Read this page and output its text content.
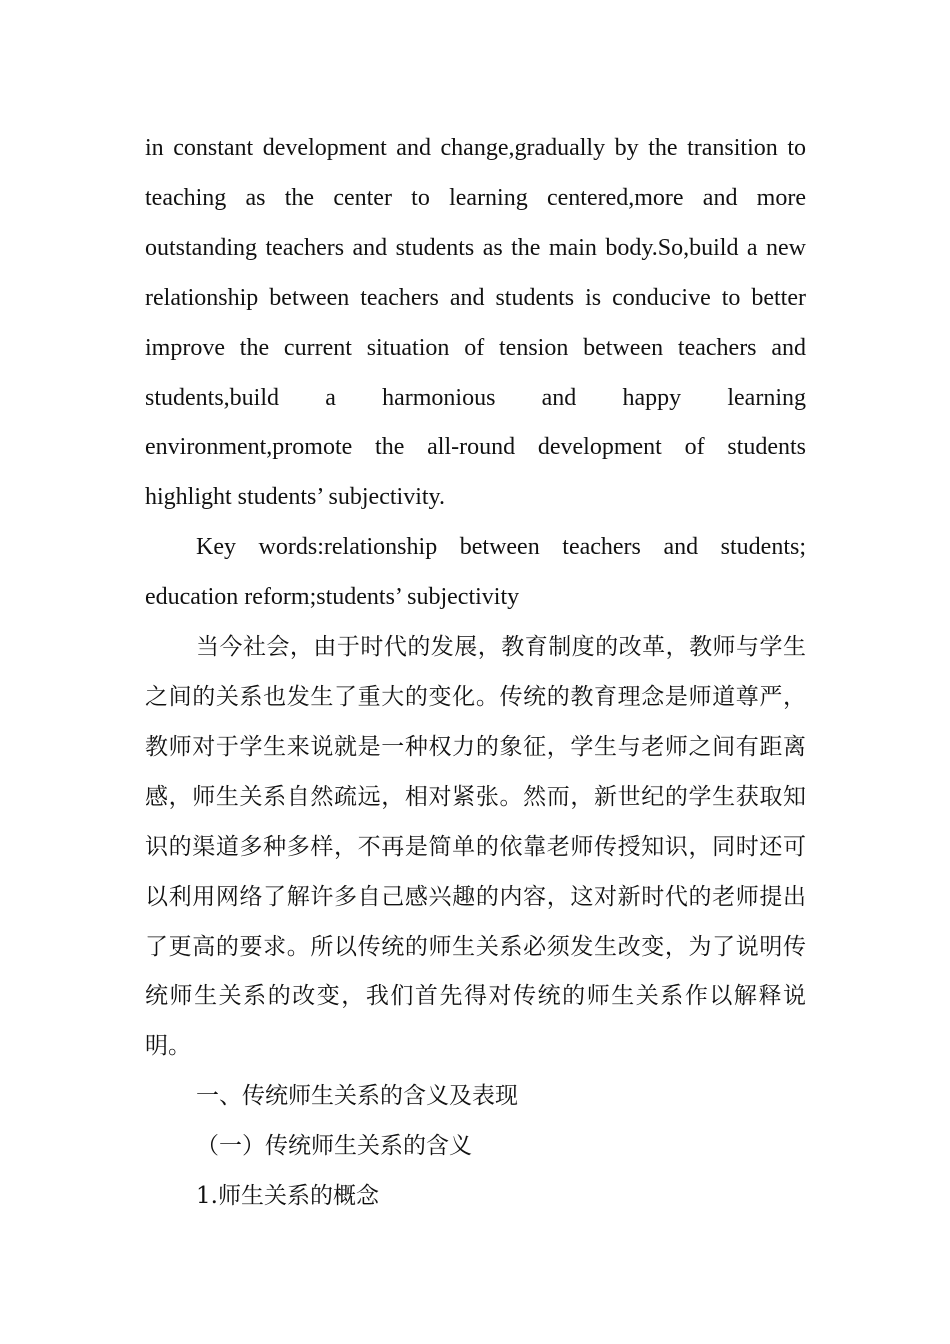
in constant development and change,gradually by the transition to teaching as the center to learning centered,more and more outstanding teachers and students as the main body.So,build a new relationship between teachers and students is conducive to better improve the current situation of tension between teachers and students,build a harmonious and happy learning environment,promote the all-round development of students highlight students’ subjectivity.

Key words:relationship between teachers and students; education reform;students’ subjectivity

当今社会，由于时代的发展，教育制度的改革，教师与学生之间的关系也发生了重大的变化。传统的教育理念是师道尊严，教师对于学生来说就是一种权力的象征，学生与老师之间有距离感，师生关系自然疏远，相对紧张。然而，新世纪的学生获取知识的渠道多种多样，不再是简单的依靠老师传授知识，同时还可以利用网络了解许多自己感兴趣的内容，这对新时代的老师提出了更高的要求。所以传统的师生关系必须发生改变，为了说明传统师生关系的改变，我们首先得对传统的师生关系作以解释说明。

一、传统师生关系的含义及表现

（一）传统师生关系的含义

1.师生关系的概念
